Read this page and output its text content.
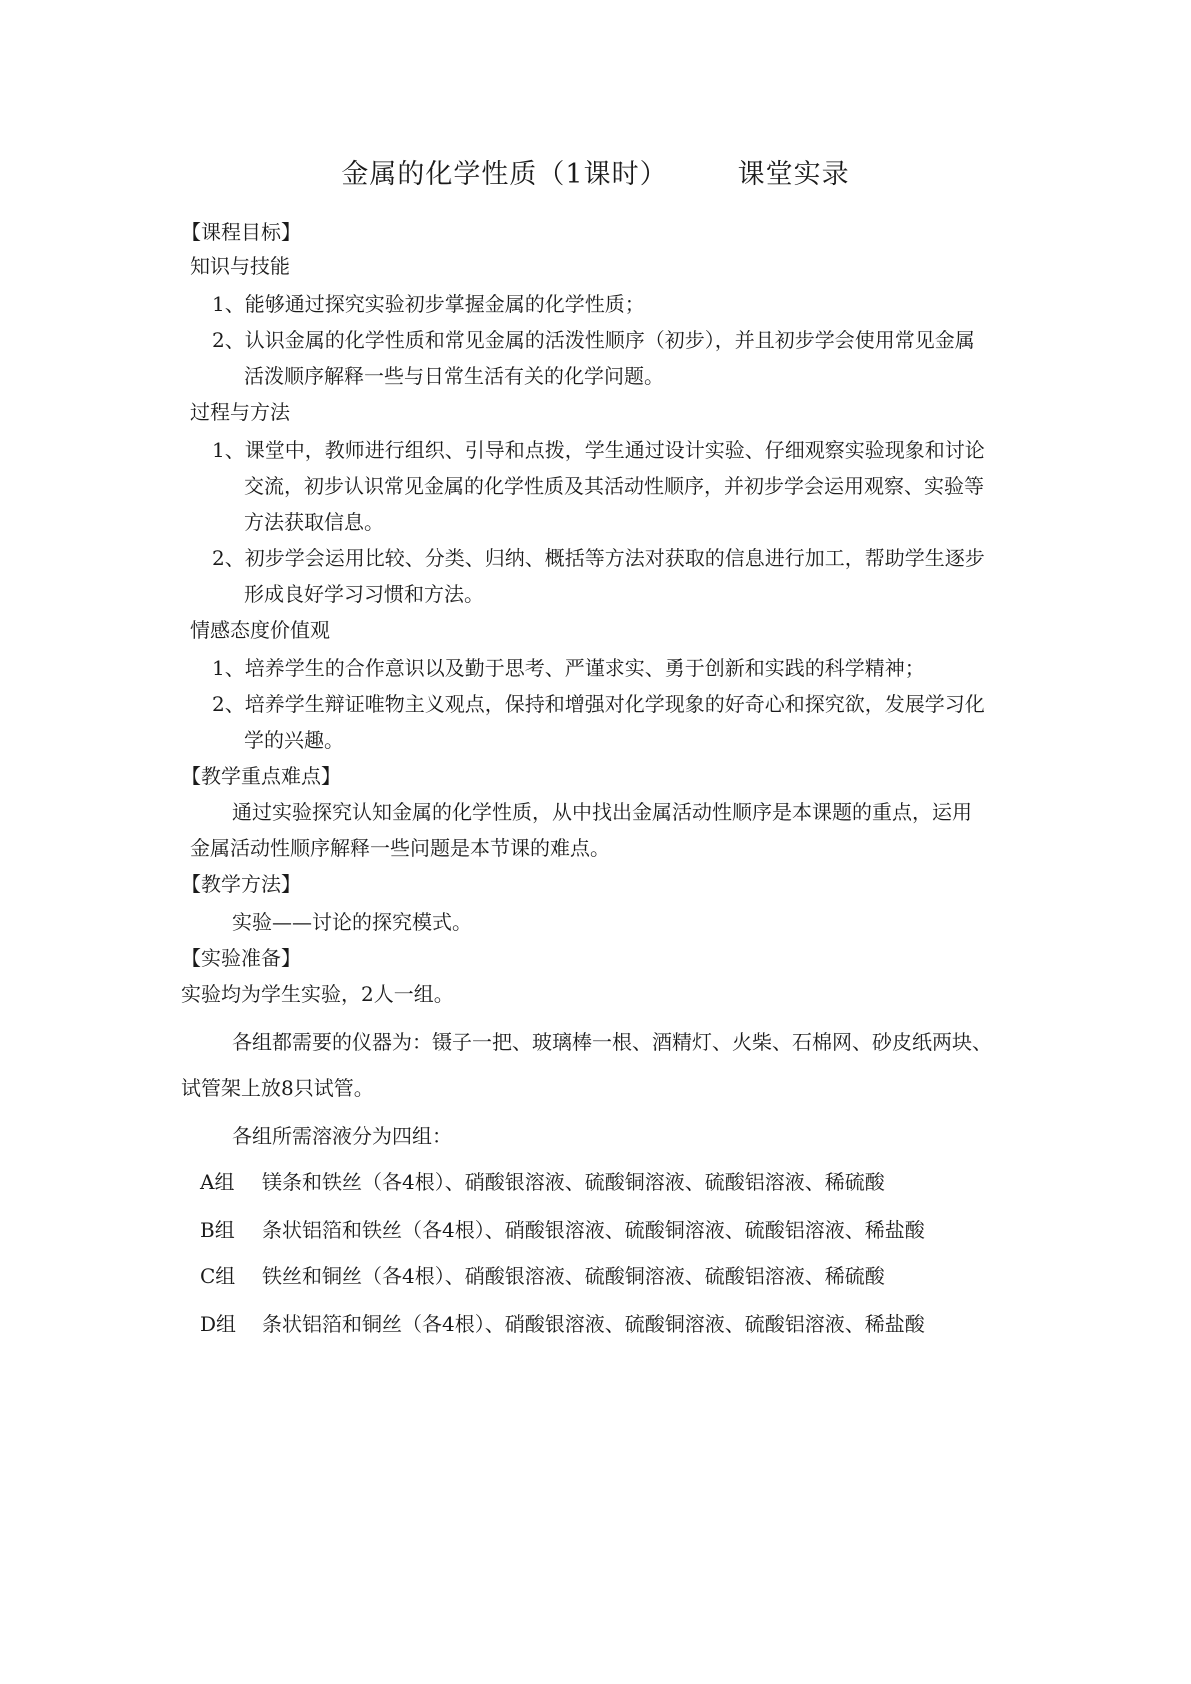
金属的化学性质（1课时）	课堂实录
【课程目标】
知识与技能
1、能够通过探究实验初步掌握金属的化学性质；
2、认识金属的化学性质和常见金属的活泼性顺序（初步），并且初步学会使用常见金属
活泼顺序解释一些与日常生活有关的化学问题。
过程与方法
1、课堂中，教师进行组织、引导和点拨，学生通过设计实验、仔细观察实验现象和讨论
交流，初步认识常见金属的化学性质及其活动性顺序，并初步学会运用观察、实验等
方法获取信息。
2、初步学会运用比较、分类、归纳、概括等方法对获取的信息进行加工，帮助学生逐步
形成良好学习习惯和方法。
情感态度价值观
1、培养学生的合作意识以及勤于思考、严谨求实、勇于创新和实践的科学精神；
2、培养学生辩证唯物主义观点，保持和增强对化学现象的好奇心和探究欲，发展学习化
学的兴趣。
【教学重点难点】
通过实验探究认知金属的化学性质，从中找出金属活动性顺序是本课题的重点，运用
金属活动性顺序解释一些问题是本节课的难点。
【教学方法】
实验——讨论的探究模式。
【实验准备】
实验均为学生实验，2人一组。
各组都需要的仪器为：镊子一把、玻璃棒一根、酒精灯、火柴、石棉网、砂皮纸两块、
试管架上放8只试管。
各组所需溶液分为四组：
A组	镁条和铁丝（各4根）、硝酸银溶液、硫酸铜溶液、硫酸铝溶液、稀硫酸
B组	条状铝箔和铁丝（各4根）、硝酸银溶液、硫酸铜溶液、硫酸铝溶液、稀盐酸
C组	铁丝和铜丝（各4根）、硝酸银溶液、硫酸铜溶液、硫酸铝溶液、稀硫酸
D组	条状铝箔和铜丝（各4根）、硝酸银溶液、硫酸铜溶液、硫酸铝溶液、稀盐酸
